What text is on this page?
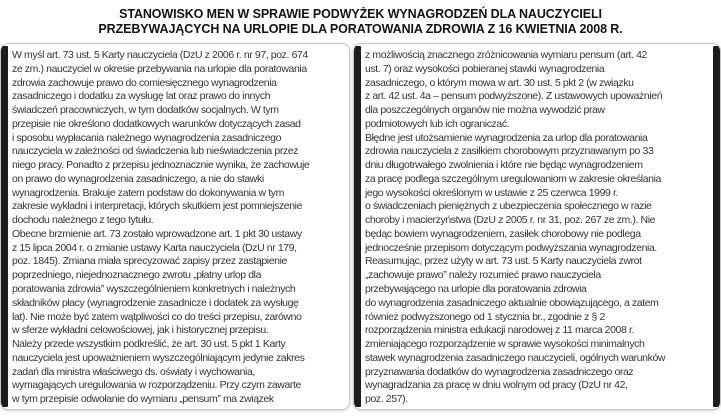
STANOWISKO MEN W SPRAWIE PODWYŻEK WYNAGRODZEŃ DLA NAUCZYCIELI
PRZEBYWAJĄCYCH NA URLOPIE DLA PORATOWANIA ZDROWIA Z 16 KWIETNIA 2008 R.
W myśl art. 73 ust. 5 Karty nauczyciela (DzU z 2006 r. nr 97, poz. 674
ze zm.) nauczyciel w okresie przebywania na urlopie dla poratowania
zdrowia zachowuje prawo do comiesięcznego wynagrodzenia
zasadniczego i dodatku za wysługę lat oraz prawo do innych
świadczeń pracowniczych, w tym dodatków socjalnych. W tym
przepisie nie określono dodatkowych warunków dotyczących zasad
i sposobu wypłacania należnego wynagrodzenia zasadniczego
nauczyciela w zależności od świadczenia lub nieświadczenia przez
niego pracy. Ponadto z przepisu jednoznacznie wynika, że zachowuje
on prawo do wynagrodzenia zasadniczego, a nie do stawki
wynagrodzenia. Brakuje zatem podstaw do dokonywania w tym
zakresie wykładni i interpretacji, których skutkiem jest pomniejszenie
dochodu należnego z tego tytułu.
Obecne brzmienie art. 73 zostało wprowadzone art. 1 pkt 30 ustawy
z 15 lipca 2004 r. o zmianie ustawy Karta nauczyciela (DzU nr 179,
poz. 1845). Zmiana miała sprecyzować zapisy przez zastąpienie
poprzedniego, niejednoznacznego zwrotu „płatny urlop dla
poratowania zdrowia” wyszczególnieniem konkretnych i należnych
składników płacy (wynagrodzenie zasadnicze i dodatek za wysługę
lat). Nie może być zatem wątpliwości co do treści przepisu, zarówno
w sferze wykładni celowościowej, jak i historycznej przepisu.
Należy przede wszystkim podkreślić, że art. 30 ust. 5 pkt 1 Karty
nauczyciela jest upoważnieniem wyszczególniającym jedynie zakres
zadań dla ministra właściwego ds. oświaty i wychowania,
wymagających uregulowania w rozporządzeniu. Przy czym zawarte
w tym przepisie odwołanie do wymiaru „pensum” ma związek
z możliwością znacznego zróżnicowania wymiaru pensum (art. 42
ust. 7) oraz wysokości pobieranej stawki wynagrodzenia
zasadniczego, o którym mowa w art. 30 ust. 5 pkt 2 (w związku
z art. 42 ust. 4a – pensum podwyższone). Z ustawowych upoważnień
dla poszczególnych organów nie można wywodzić praw
podmiotowych lub ich ograniczać.
Błędne jest utożsamienie wynagrodzenia za urlop dla poratowania
zdrowia nauczyciela z zasiłkiem chorobowym przyznawanym po 33
dniu długotrwałego zwolnienia i które nie będąc wynagrodzeniem
za pracę podlega szczególnym uregulowaniom w zakresie określania
jego wysokości określonym w ustawie z 25 czerwca 1999 r.
o świadczeniach pieniężnych z ubezpieczenia społecznego w razie
choroby i macierzyństwa (DzU z 2005 r. nr 31, poz. 267 ze zm.). Nie
będąc bowiem wynagrodzeniem, zasiłek chorobowy nie podlega
jednocześnie przepisom dotyczącym podwyższania wynagrodzenia.
Reasumując, przez użyty w art. 73 ust. 5 Karty nauczyciela zwrot
„zachowuje prawo” należy rozumieć prawo nauczyciela
przebywającego na urlopie dla poratowania zdrowia
do wynagrodzenia zasadniczego aktualnie obowiązującego, a zatem
również podwyższonego od 1 stycznia br., zgodnie z § 2
rozporządzenia ministra edukacji narodowej z 11 marca 2008 r.
zmieniającego rozporządzenie w sprawie wysokości minimalnych
stawek wynagrodzenia zasadniczego nauczycieli, ogólnych warunków
przyznawania dodatków do wynagrodzenia zasadniczego oraz
wynagradzania za pracę w dniu wolnym od pracy (DzU nr 42,
poz. 257).
